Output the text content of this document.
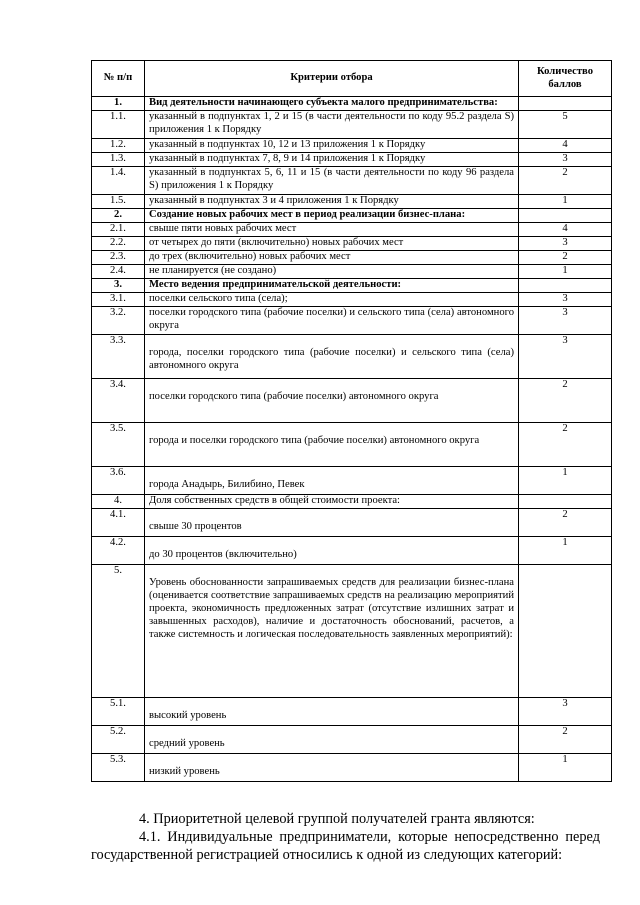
№ п/п	Критерии отбора	Количество баллов
1.	Вид деятельности начинающего субъекта малого предпринимательства:	
1.1.	указанный в подпунктах 1, 2 и 15 (в части деятельности по коду 95.2 раздела S) приложения 1 к Порядку	5
1.2.	указанный в подпунктах 10, 12 и 13 приложения 1 к Порядку	4
1.3.	указанный в подпунктах 7, 8, 9 и 14 приложения 1 к Порядку	3
1.4.	указанный в подпунктах 5, 6, 11 и 15 (в части деятельности по коду 96 раздела S) приложения 1 к Порядку	2
1.5.	указанный в подпунктах 3 и 4 приложения 1 к Порядку	1
2.	Создание новых рабочих мест в период реализации бизнес-плана:	
2.1.	свыше пяти новых рабочих мест	4
2.2.	от четырех до пяти (включительно) новых рабочих мест	3
2.3.	до трех (включительно) новых рабочих мест	2
2.4.	не планируется (не создано)	1
3.	Место ведения предпринимательской деятельности:	
3.1.	поселки сельского типа (села);	3
3.2.	поселки городского типа (рабочие поселки) и сельского типа (села) автономного округа	3
3.3.	города, поселки городского типа (рабочие поселки) и сельского типа (села) автономного округа	3
3.4.	поселки городского типа (рабочие поселки) автономного округа	2
3.5.	города и поселки городского типа (рабочие поселки) автономного округа	2
3.6.	города Анадырь, Билибино, Певек	1
4.	Доля собственных средств в общей стоимости проекта:	
4.1.	свыше 30 процентов	2
4.2.	до 30 процентов (включительно)	1
5.	Уровень обоснованности запрашиваемых средств для реализации бизнес-плана (оценивается соответствие запрашиваемых средств на реализацию мероприятий проекта, экономичность предложенных затрат (отсутствие излишних затрат и завышенных расходов), наличие и достаточность обоснований, расчетов, а также системность и логическая последовательность заявленных мероприятий):	

5.1.	высокий уровень	3
5.2.	средний уровень	2
5.3.	низкий уровень	1

4. Приоритетной целевой группой получателей гранта являются:

4.1. Индивидуальные предприниматели, которые непосредственно перед государственной регистрацией относились к одной из следующих категорий:
